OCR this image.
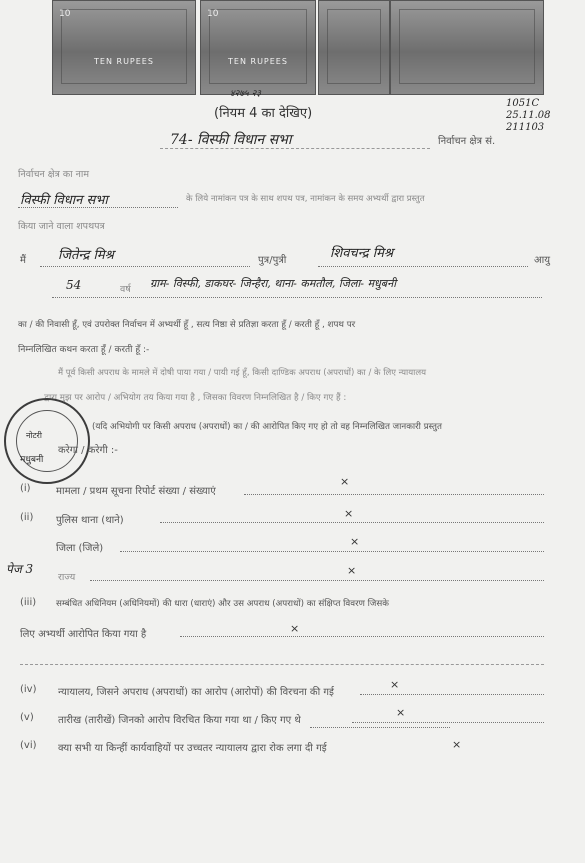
10
TEN RUPEES
10
TEN RUPEES
४२७५ २३
(नियम 4 का देखिए)
74- विस्फी विधान सभा	निर्वाचन क्षेत्र सं.
1051C
25.11.08
211103
निर्वाचन क्षेत्र का नाम
विस्फी विधान सभा	के लिये नामांकन पत्र के साथ शपथ पत्र, नामांकन के समय अभ्यर्थी द्वारा प्रस्तुत
किया जाने वाला शपथपत्र
मैं जितेन्द्र मिश्र	पुत्र/पुत्री	शिवचन्द्र मिश्र	आयु
54	वर्ष ग्राम- विस्फी, डाकघर- जिन्हैरा, थाना- कमतौल, जिला- मधुबनी
का / की निवासी हूँ, एवं उपरोक्त निर्वाचन में अभ्यर्थी हूँ , सत्य निष्ठा से प्रतिज्ञा करता हूँ / करती हूँ , शपथ पर
निम्नलिखित कथन करता हूँ / करती हूँ :-
मैं पूर्व किसी अपराध के मामले में दोषी पाया गया / पायी गई हूँ, किसी दाण्डिक अपराध (अपराधों) का / के लिए न्यायालय
द्वारा मुझ पर आरोप / अभियोग तय किया गया है , जिसका विवरण निम्नलिखित है / किए गए हैं :
नोटरी
मधुबनी
(यदि अभियोगी पर किसी अपराध (अपराधों) का / की आरोपित किए गए हो तो वह निम्नलिखित जानकारी प्रस्तुत
करेगा / करेगी :-
(i)	मामला / प्रथम सूचना रिपोर्ट संख्या / संख्याएं
×
(ii) पुलिस थाना (थाने)
×
जिला (जिले)
×
पेज 3
राज्य
×
(iii) सम्बंधित अधिनियम (अधिनियमों) की धारा (धाराएं) और उस अपराध (अपराधों) का संक्षिप्त विवरण जिसके
लिए अभ्यर्थी आरोपित किया गया है	×
(iv) न्यायालय, जिसने अपराध (अपराधों) का आरोप (आरोपों) की विरचना की गई
×
(v) तारीख (तारीखें) जिनको आरोप विरचित किया गया था / किए गए थे
×
(vi) क्या सभी या किन्हीं कार्यवाहियों पर उच्चतर न्यायालय द्वारा रोक लगा दी गई	×
